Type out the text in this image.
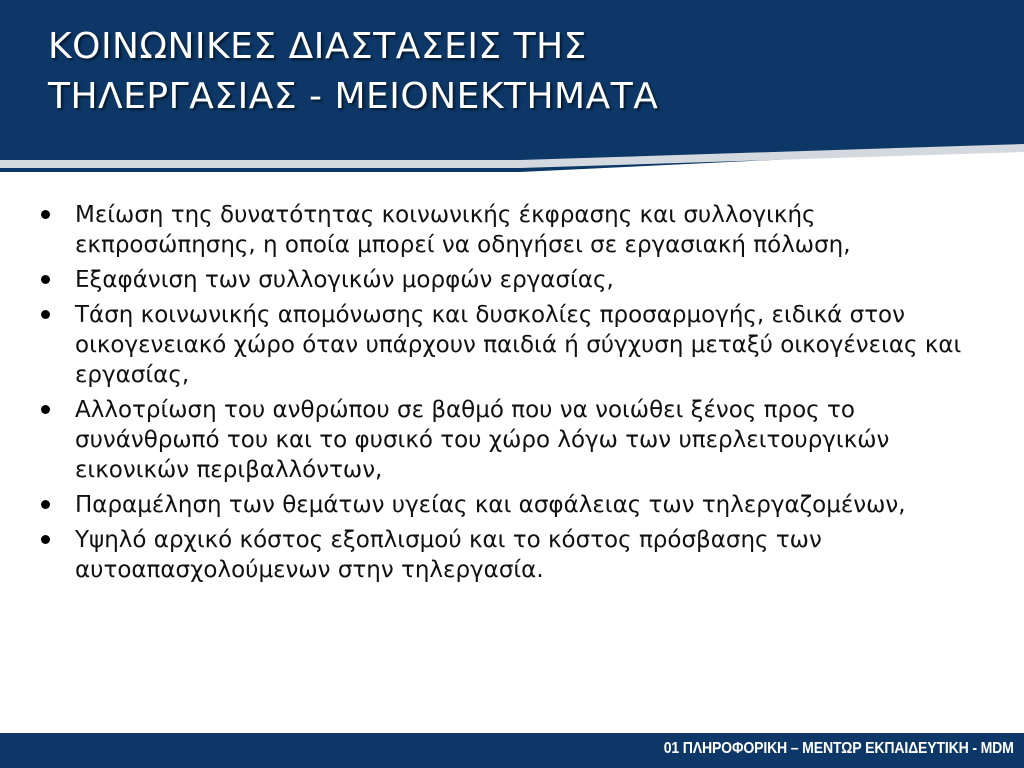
ΚΟΙΝΩΝΙΚΕΣ ΔΙΑΣΤΑΣΕΙΣ ΤΗΣ
ΤΗΛΕΡΓΑΣΙΑΣ - ΜΕΙΟΝΕΚΤΗΜΑΤΑ
Μείωση της δυνατότητας κοινωνικής έκφρασης και συλλογικής εκπροσώπησης, η οποία μπορεί να οδηγήσει σε εργασιακή πόλωση,
Εξαφάνιση των συλλογικών μορφών εργασίας,
Τάση κοινωνικής απομόνωσης και δυσκολίες προσαρμογής, ειδικά στον οικογενειακό χώρο όταν υπάρχουν παιδιά ή σύγχυση μεταξύ οικογένειας και εργασίας,
Αλλοτρίωση του ανθρώπου σε βαθμό που να νοιώθει ξένος προς το συνάνθρωπό του και το φυσικό του χώρο λόγω των υπερλειτουργικών εικονικών περιβαλλόντων,
Παραμέληση των θεμάτων υγείας και ασφάλειας των τηλεργαζομένων,
Υψηλό αρχικό κόστος εξοπλισμού και το κόστος πρόσβασης των αυτοαπασχολούμενων στην τηλεργασία.
01 ΠΛΗΡΟΦΟΡΙΚΗ – ΜΕΝΤΩΡ ΕΚΠΑΙΔΕΥΤΙΚΗ - MDM
